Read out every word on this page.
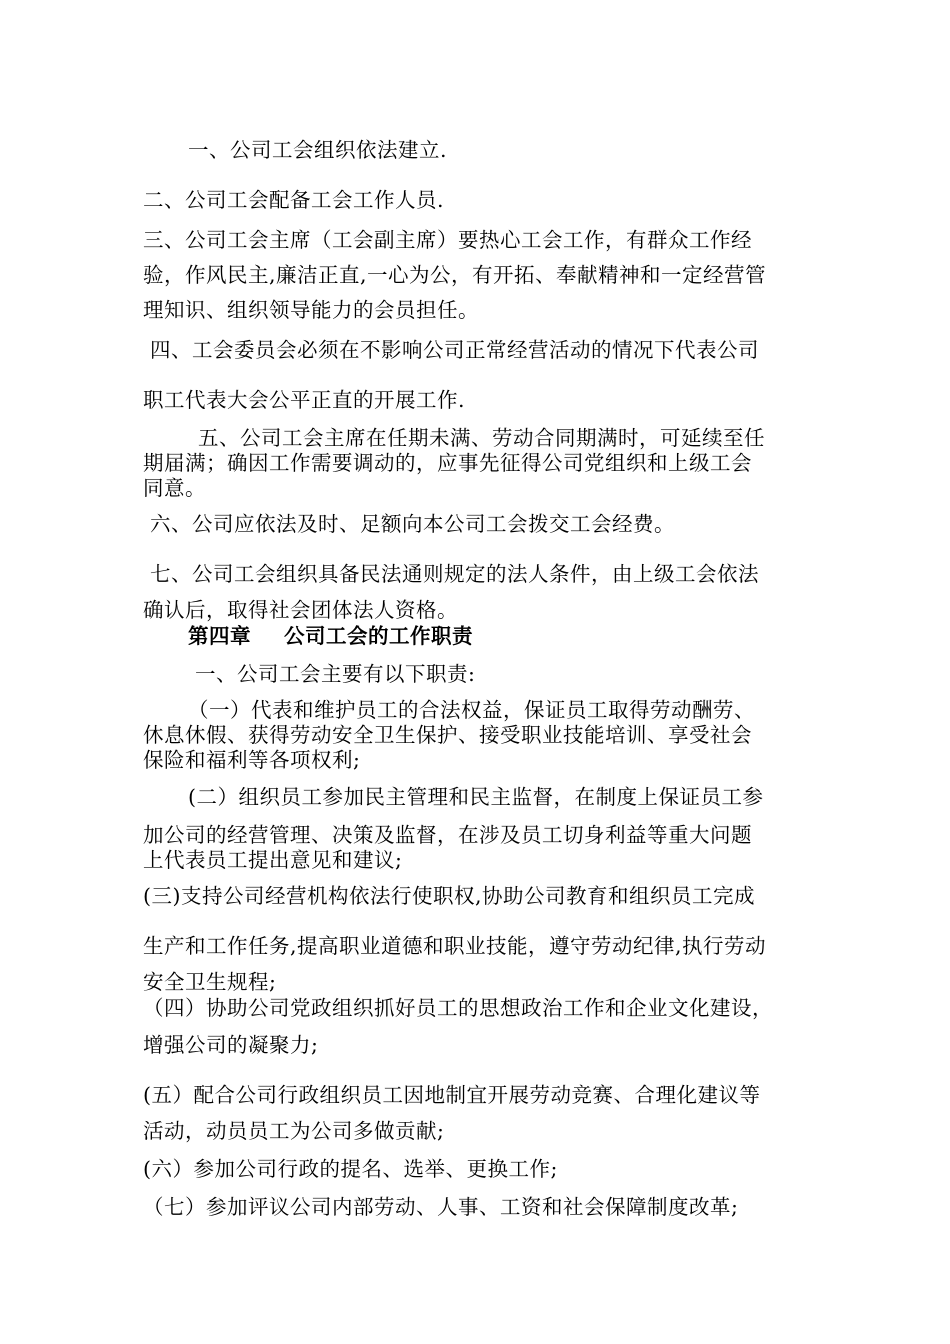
一、公司工会组织依法建立.
二、公司工会配备工会工作人员.
三、公司工会主席（工会副主席）要热心工会工作，有群众工作经
验，作风民主,廉洁正直,一心为公，有开拓、奉献精神和一定经营管
理知识、组织领导能力的会员担任。
四、工会委员会必须在不影响公司正常经营活动的情况下代表公司
职工代表大会公平正直的开展工作.
五、公司工会主席在任期未满、劳动合同期满时，可延续至任
期届满；确因工作需要调动的，应事先征得公司党组织和上级工会
同意。
六、公司应依法及时、足额向本公司工会拨交工会经费。
七、公司工会组织具备民法通则规定的法人条件，由上级工会依法
确认后，取得社会团体法人资格。
第四章 公司工会的工作职责
一、公司工会主要有以下职责:
（一）代表和维护员工的合法权益，保证员工取得劳动酬劳、
休息休假、获得劳动安全卫生保护、接受职业技能培训、享受社会
保险和福利等各项权利;
(二）组织员工参加民主管理和民主监督，在制度上保证员工参
加公司的经营管理、决策及监督，在涉及员工切身利益等重大问题
上代表员工提出意见和建议;
(三)支持公司经营机构依法行使职权,协助公司教育和组织员工完成
生产和工作任务,提高职业道德和职业技能，遵守劳动纪律,执行劳动
安全卫生规程;
（四）协助公司党政组织抓好员工的思想政治工作和企业文化建设，
增强公司的凝聚力;
(五）配合公司行政组织员工因地制宜开展劳动竞赛、合理化建议等
活动，动员员工为公司多做贡献;
(六）参加公司行政的提名、选举、更换工作;
（七）参加评议公司内部劳动、人事、工资和社会保障制度改革;
